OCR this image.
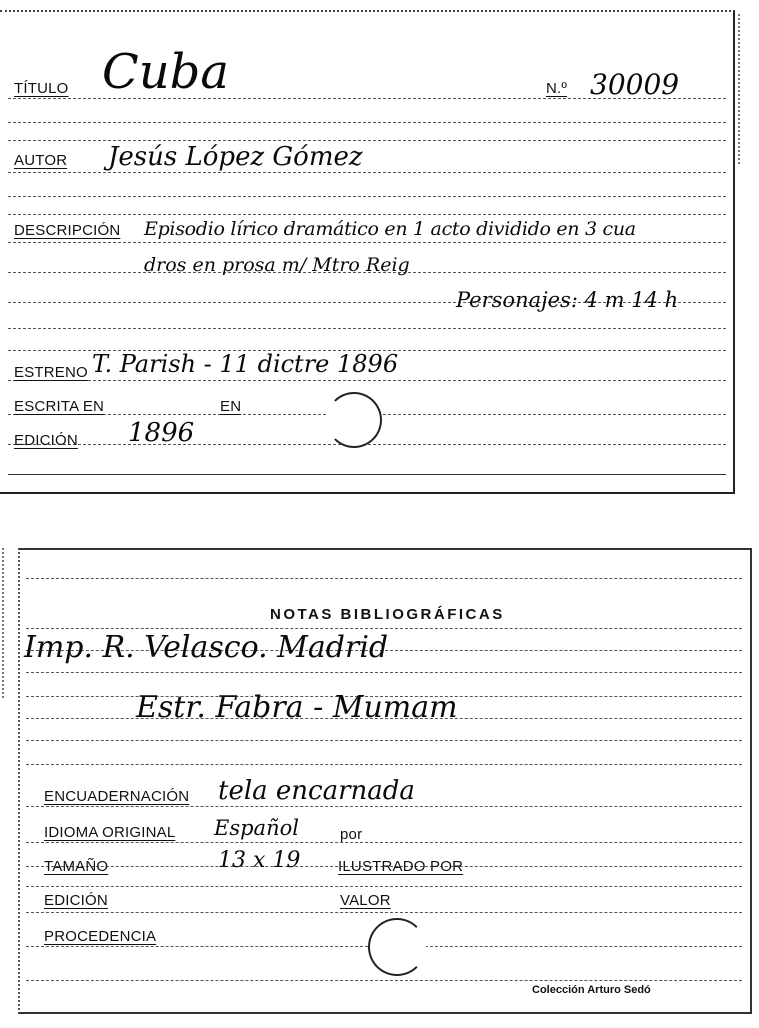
TÍTULO Cuba	N.º 30009
AUTOR Jesús López Gómez
DESCRIPCIÓN Episodio lírico dramático en 1 acto dividido en 3 cua
dros en prosa m/ Mtro Reig
Personajes: 4 m 14 h
ESTRENO T. Parish - 11 dictre 1896
ESCRITA EN	EN
EDICIÓN 1896
NOTAS BIBLIOGRÁFICAS
Imp. R. Velasco. Madrid
Estr. Fabra - Mumam
ENCUADERNACIÓN tela encarnada
IDIOMA ORIGINAL Español	por
TAMAÑO	13 x 19	ILUSTRADO POR
EDICIÓN	VALOR
PROCEDENCIA
Colección Arturo Sedó
